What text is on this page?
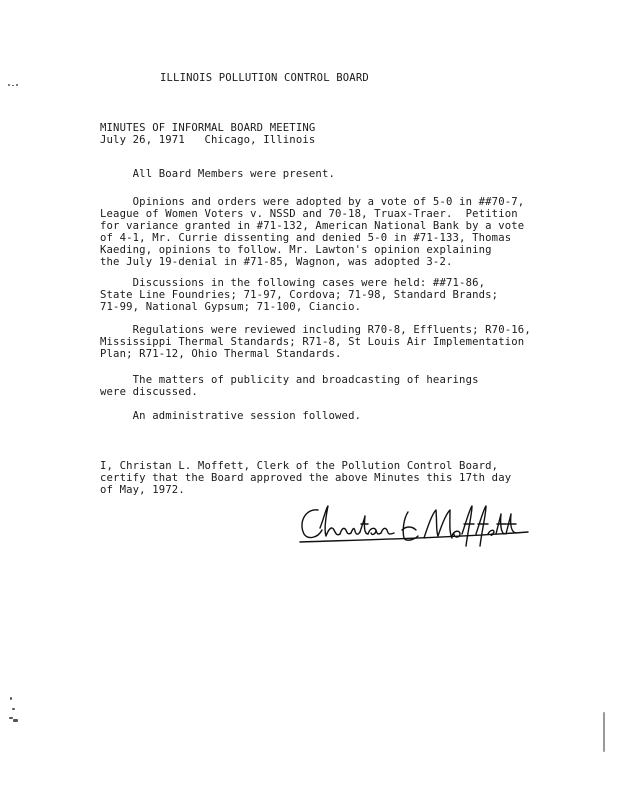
ILLINOIS POLLUTION CONTROL BOARD
MINUTES OF INFORMAL BOARD MEETING
July 26, 1971   Chicago, Illinois
All Board Members were present.
Opinions and orders were adopted by a vote of 5-0 in ##70-7,
League of Women Voters v. NSSD and 70-18, Truax-Traer.  Petition
for variance granted in #71-132, American National Bank by a vote
of 4-1, Mr. Currie dissenting and denied 5-0 in #71-133, Thomas
Kaeding, opinions to follow. Mr. Lawton's opinion explaining
the July 19-denial in #71-85, Wagnon, was adopted 3-2.
Discussions in the following cases were held: ##71-86,
State Line Foundries; 71-97, Cordova; 71-98, Standard Brands;
71-99, National Gypsum; 71-100, Ciancio.
Regulations were reviewed including R70-8, Effluents; R70-16,
Mississippi Thermal Standards; R71-8, St Louis Air Implementation
Plan; R71-12, Ohio Thermal Standards.
The matters of publicity and broadcasting of hearings
were discussed.
An administrative session followed.
I, Christan L. Moffett, Clerk of the Pollution Control Board,
certify that the Board approved the above Minutes this 17th day
of May, 1972.
